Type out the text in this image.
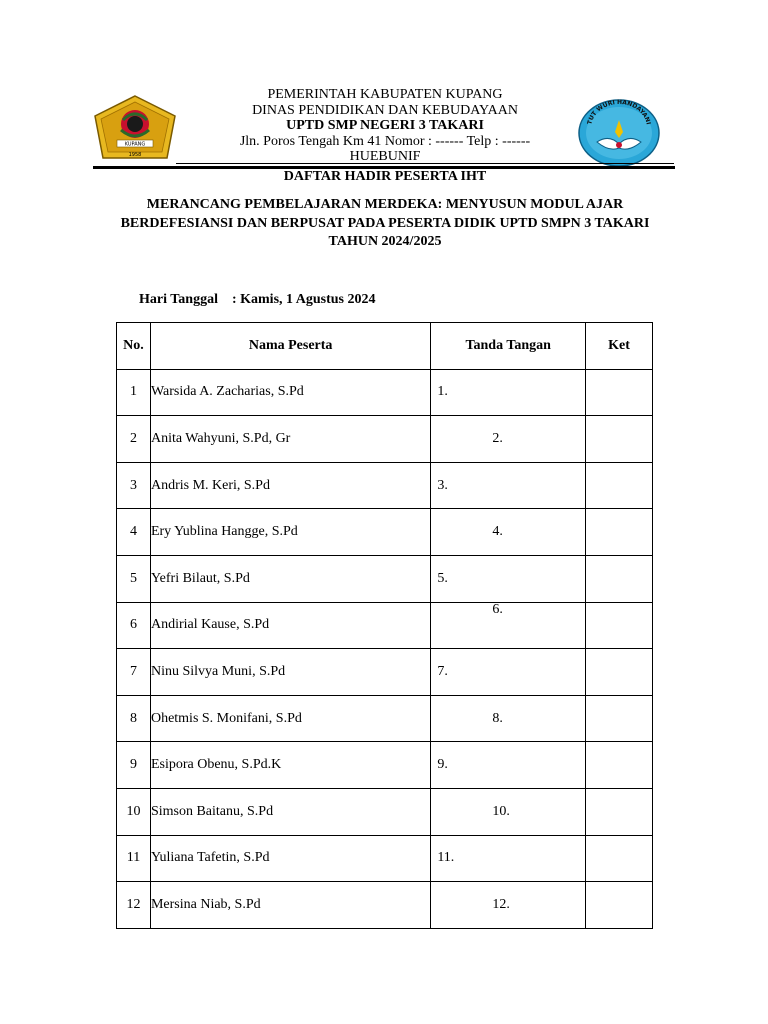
KUPANG
1958
TUT WURI HANDAYANI
PEMERINTAH KABUPATEN KUPANG
DINAS PENDIDIKAN DAN KEBUDAYAAN
UPTD SMP NEGERI 3 TAKARI
Jln. Poros Tengah Km 41 Nomor : ------ Telp : ------
HUEBUNIF
DAFTAR HADIR PESERTA IHT
MERANCANG PEMBELAJARAN MERDEKA: MENYUSUN MODUL AJAR
BERDEFESIANSI DAN BERPUSAT PADA PESERTA DIDIK UPTD SMPN 3 TAKARI
TAHUN 2024/2025
Hari Tanggal : Kamis, 1 Agustus 2024
No.	Nama Peserta	Tanda Tangan	Ket
1	Warsida A. Zacharias, S.Pd	1.	
2	Anita Wahyuni, S.Pd, Gr	2.	
3	Andris M. Keri, S.Pd	3.	
4	Ery Yublina Hangge, S.Pd	4.	
5	Yefri Bilaut, S.Pd	5.	
6	Andirial Kause, S.Pd	6.	
7	Ninu Silvya Muni, S.Pd	7.	
8	Ohetmis S. Monifani, S.Pd	8.	
9	Esipora Obenu, S.Pd.K	9.	
10	Simson Baitanu, S.Pd	10.	
11	Yuliana Tafetin, S.Pd	11.	
12	Mersina Niab, S.Pd	12.	
